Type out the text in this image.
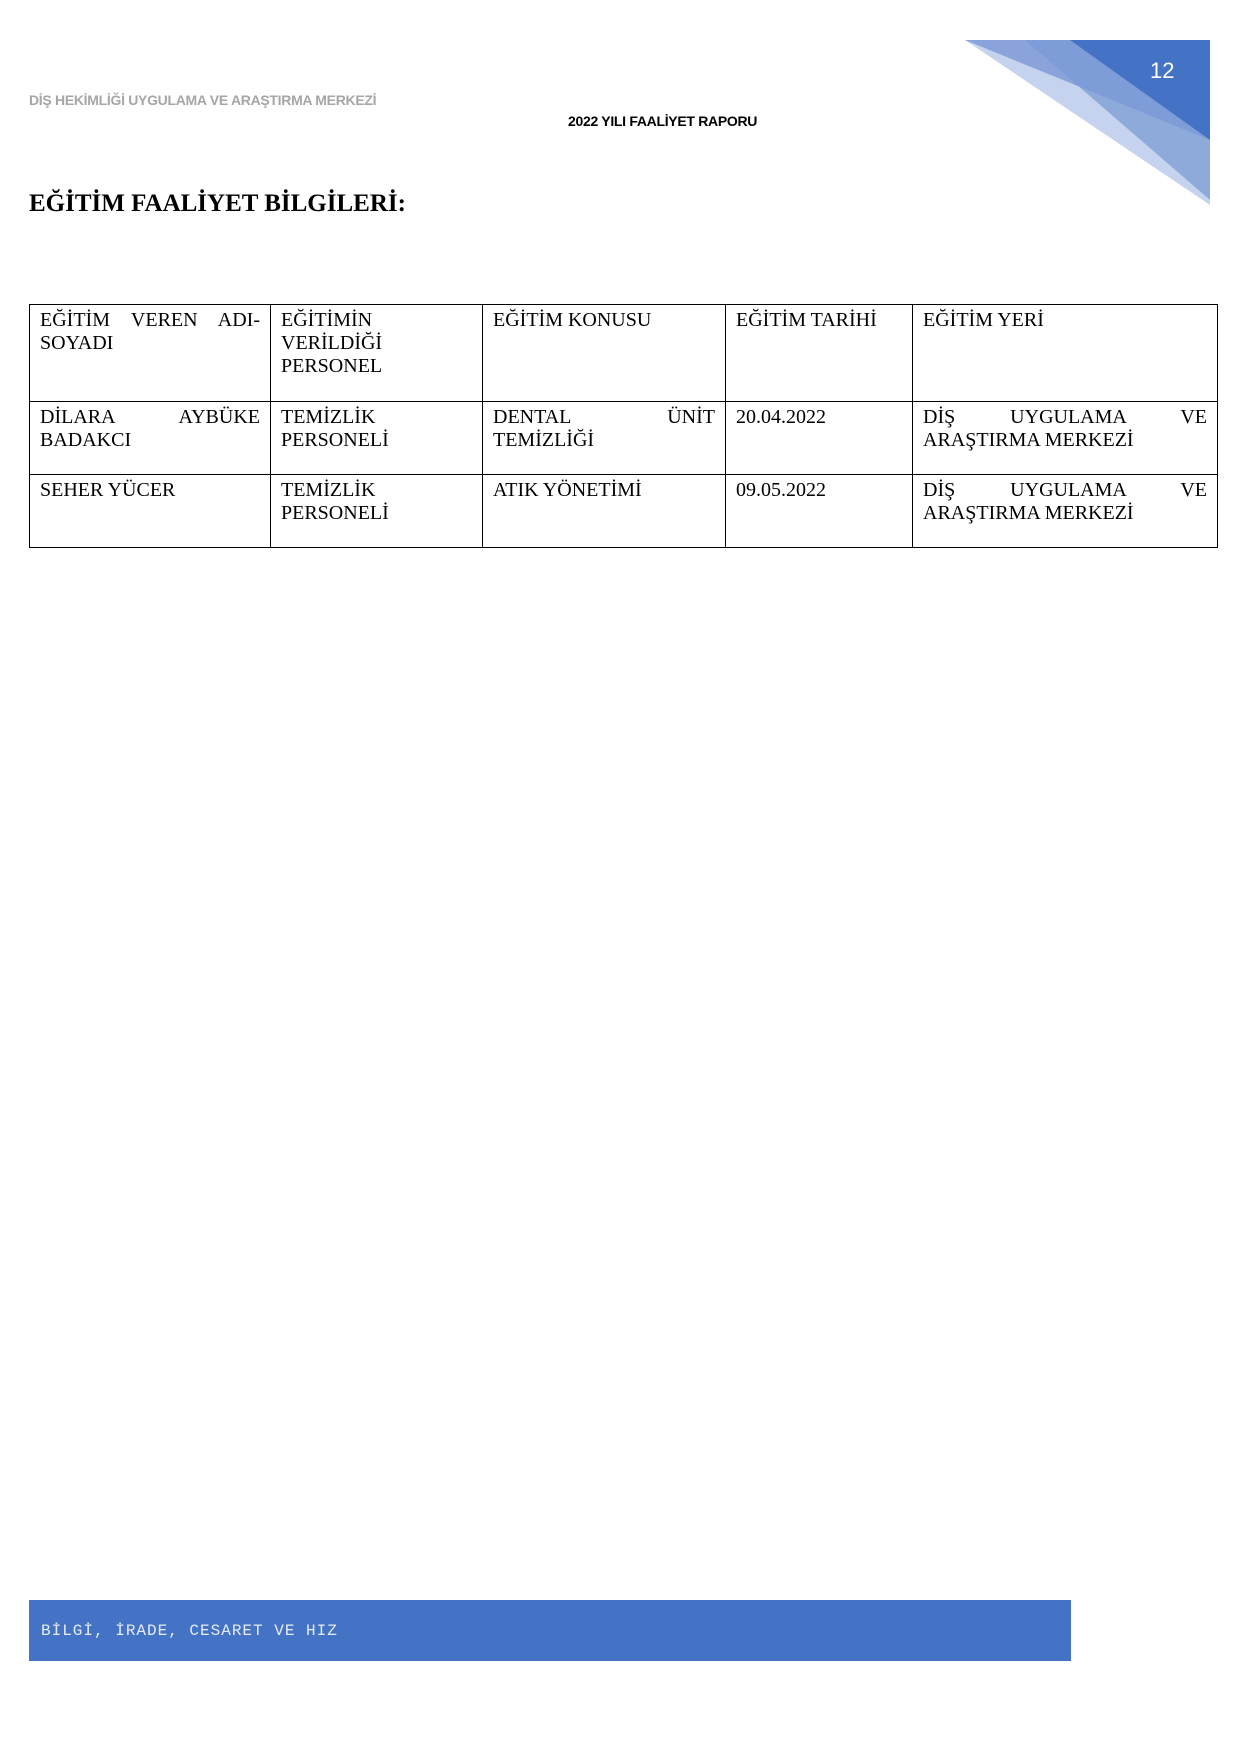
DİŞ HEKİMLİĞİ UYGULAMA VE ARAŞTIRMA MERKEZİ
2022 YILI FAALİYET RAPORU
12
EĞİTİM FAALİYET BİLGİLERİ:
EĞİTİM VEREN ADI-SOYADI	EĞİTİMİN VERİLDİĞİ PERSONEL	EĞİTİM KONUSU	EĞİTİM TARİHİ	EĞİTİM YERİ
DİLARA AYBÜKE BADAKCI	TEMİZLİK PERSONELİ	DENTAL ÜNİT TEMİZLİĞİ	20.04.2022	DİŞ UYGULAMA VE ARAŞTIRMA MERKEZİ
SEHER YÜCER	TEMİZLİK PERSONELİ	ATIK YÖNETİMİ	09.05.2022	DİŞ UYGULAMA VE ARAŞTIRMA MERKEZİ
BİLGİ, İRADE, CESARET VE HIZ
